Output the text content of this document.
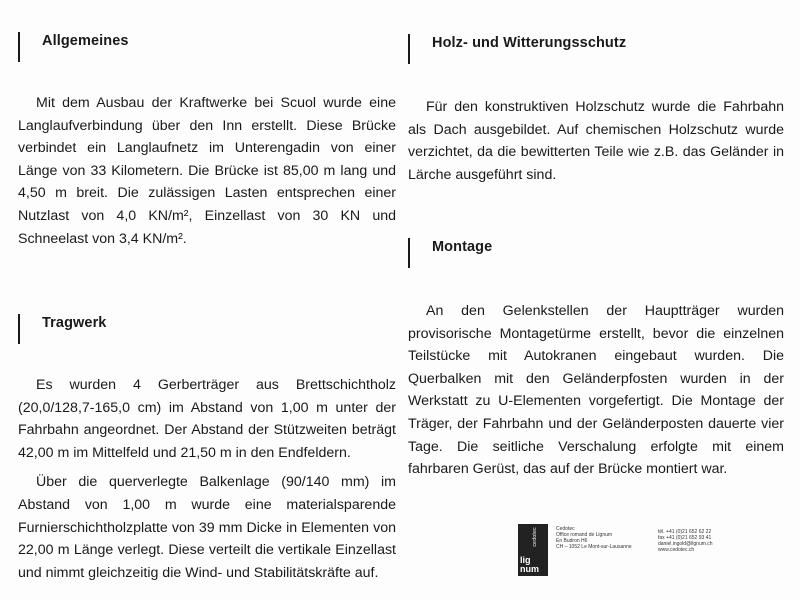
Allgemeines

Mit dem Ausbau der Kraftwerke bei Scuol wurde eine Langlaufverbindung über den Inn erstellt. Diese Brücke verbindet ein Langlaufnetz im Unterengadin von einer Länge von 33 Kilometern. Die Brücke ist 85,00 m lang und 4,50 m breit. Die zulässigen Lasten entsprechen einer Nutzlast von 4,0 KN/m², Einzellast von 30 KN und Schneelast von 3,4 KN/m².

Tragwerk

Es wurden 4 Gerberträger aus Brettschichtholz (20,0/128,7-165,0 cm) im Abstand von 1,00 m unter der Fahrbahn angeordnet. Der Abstand der Stützweiten beträgt 42,00 m im Mittelfeld und 21,50 m in den Endfeldern.

Über die querverlegte Balkenlage (90/140 mm) im Abstand von 1,00 m wurde eine materialsparende Furnierschichtholzplatte von 39 mm Dicke in Elementen von 22,00 m Länge verlegt. Diese verteilt die vertikale Einzellast und nimmt gleichzeitig die Wind- und Stabilitätskräfte auf.

Holz- und Witterungsschutz

Für den konstruktiven Holzschutz wurde die Fahrbahn als Dach ausgebildet. Auf chemischen Holzschutz wurde verzichtet, da die bewitterten Teile wie z.B. das Geländer in Lärche ausgeführt sind.

Montage

An den Gelenkstellen der Hauptträger wurden provisorische Montagetürme erstellt, bevor die einzelnen Teilstücke mit Autokranen eingebaut wurden. Die Querbalken mit den Geländerpfosten wurden in der Werkstatt zu U-Elementen vorgefertigt. Die Montage der Träger, der Fahrbahn und der Geländerposten dauerte vier Tage. Die seitliche Verschalung erfolgte mit einem fahrbaren Gerüst, das auf der Brücke montiert war.

cedotec
lig num
Cedotec
Office romand de Lignum
En Budron H6
CH – 1052 Le Mont-sur-Lausanne
tél. +41 (0)21 652 62 22
fax +41 (0)21 652 93 41
daniel.ingold@lignum.ch
www.cedotec.ch
